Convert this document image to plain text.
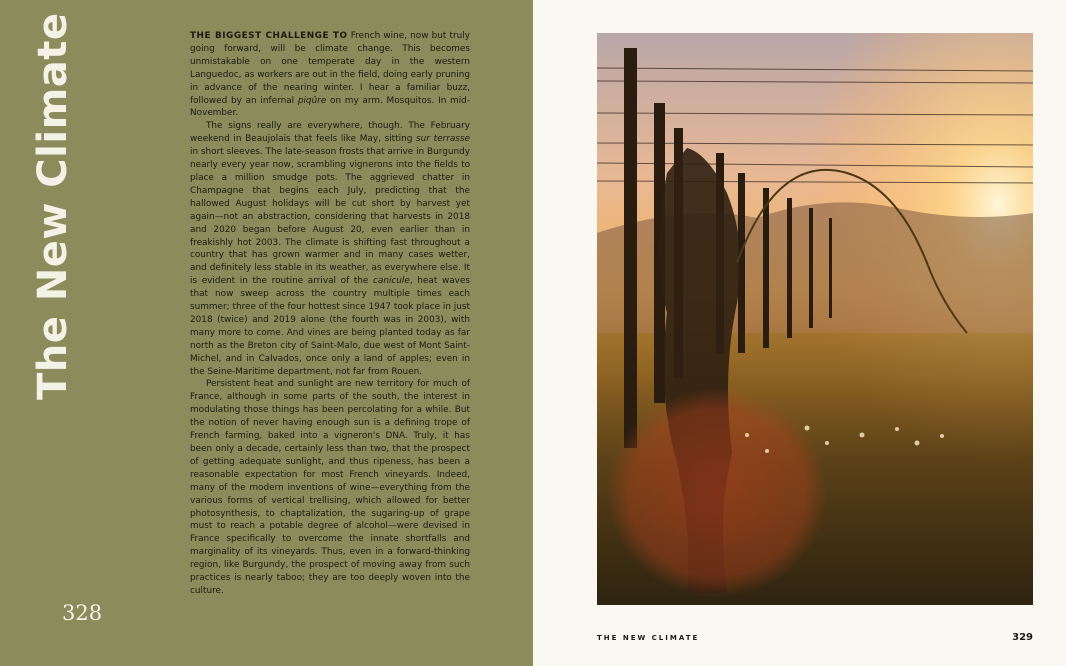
The New Climate	THE BIGGEST CHALLENGE TO French wine, now but truly going forward, will be climate change. This becomes unmistakable on one temperate day in the western Languedoc, as workers are out in the field, doing early pruning in advance of the nearing winter. I hear a familiar buzz, followed by an infernal piqûre on my arm. Mosquitos. In mid-November.

The signs really are everywhere, though. The February weekend in Beaujolais that feels like May, sitting sur terrasse in short sleeves. The late-season frosts that arrive in Burgundy nearly every year now, scrambling vignerons into the fields to place a million smudge pots. The aggrieved chatter in Champagne that begins each July, predicting that the hallowed August holidays will be cut short by harvest yet again—not an abstraction, considering that harvests in 2018 and 2020 began before August 20, even earlier than in freakishly hot 2003. The climate is shifting fast throughout a country that has grown warmer and in many cases wetter, and definitely less stable in its weather, as everywhere else. It is evident in the routine arrival of the canicule, heat waves that now sweep across the country multiple times each summer; three of the four hottest since 1947 took place in just 2018 (twice) and 2019 alone (the fourth was in 2003), with many more to come. And vines are being planted today as far north as the Breton city of Saint-Malo, due west of Mont Saint-Michel, and in Calvados, once only a land of apples; even in the Seine-Maritime department, not far from Rouen.

Persistent heat and sunlight are new territory for much of France, although in some parts of the south, the interest in modulating those things has been percolating for a while. But the notion of never having enough sun is a defining trope of French farming, baked into a vigneron's DNA. Truly, it has been only a decade, certainly less than two, that the prospect of getting adequate sunlight, and thus ripeness, has been a reasonable expectation for most French vineyards. Indeed, many of the modern inventions of wine—everything from the various forms of vertical trellising, which allowed for better photosynthesis, to chaptalization, the sugaring-up of grape must to reach a potable degree of alcohol—were devised in France specifically to overcome the innate shortfalls and marginality of its vineyards. Thus, even in a forward-thinking region, like Burgundy, the prospect of moving away from such practices is nearly taboo; they are too deeply woven into the culture.

328
THE NEW CLIMATE	329
